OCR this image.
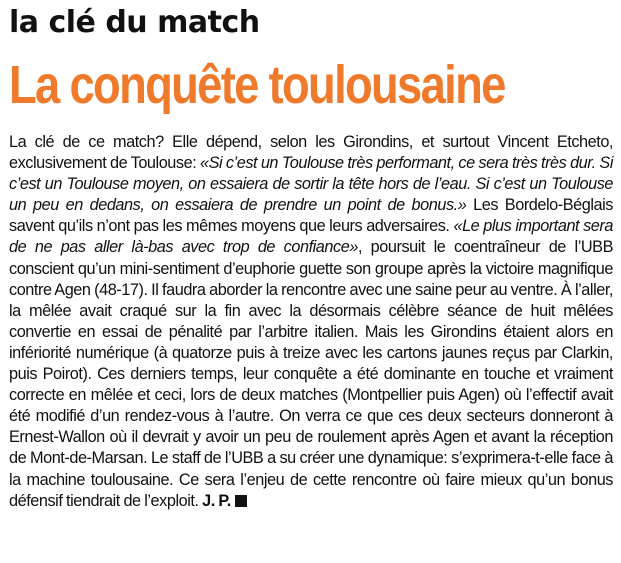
la clé du match
La conquête toulousaine

La clé de ce match? Elle dépend, selon les Girondins, et surtout Vincent Etcheto, exclusivement de Toulouse: «Si c’est un Toulouse très performant, ce sera très très dur. Si c’est un Toulouse moyen, on essaiera de sortir la tête hors de l’eau. Si c’est un Toulouse un peu en dedans, on essaiera de prendre un point de bonus.» Les Bordelo-Béglais savent qu’ils n’ont pas les mêmes moyens que leurs adversaires. «Le plus important sera de ne pas aller là-bas avec trop de confiance», poursuit le coentraîneur de l’UBB conscient qu’un mini-sentiment d’euphorie guette son groupe après la victoire magnifique contre Agen (48-17). Il faudra aborder la rencontre avec une saine peur au ventre. À l’aller, la mêlée avait craqué sur la fin avec la désormais célèbre séance de huit mêlées convertie en essai de pénalité par l’arbitre italien. Mais les Girondins étaient alors en infériorité numérique (à quatorze puis à treize avec les cartons jaunes reçus par Clarkin, puis Poirot). Ces derniers temps, leur conquête a été dominante en touche et vraiment correcte en mêlée et ceci, lors de deux matches (Montpellier puis Agen) où l’effectif avait été modifié d’un rendez-vous à l’autre. On verra ce que ces deux secteurs donneront à Ernest-Wallon où il devrait y avoir un peu de roulement après Agen et avant la réception de Mont-de-Marsan. Le staff de l’UBB a su créer une dynamique: s’exprimera-t-elle face à la machine toulousaine. Ce sera l’enjeu de cette rencontre où faire mieux qu’un bonus défensif tiendrait de l’exploit. J. P.
